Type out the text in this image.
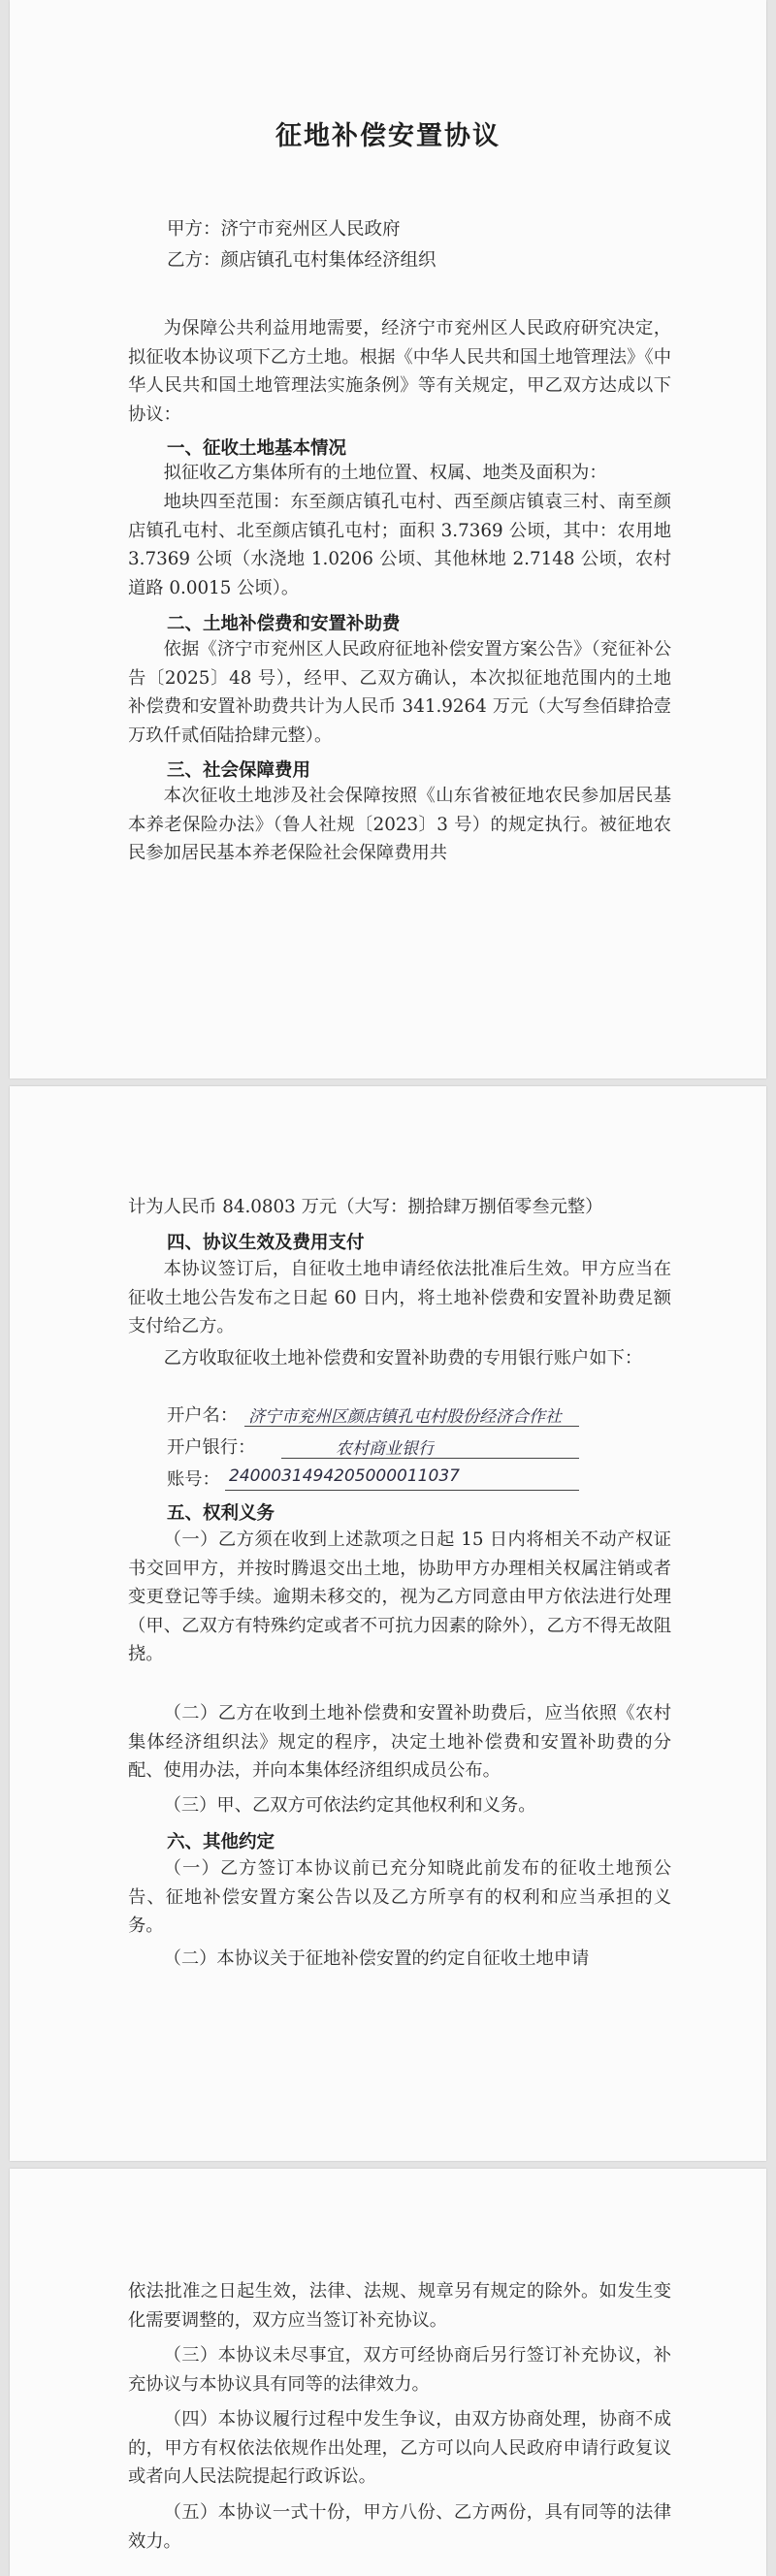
征地补偿安置协议
甲方：济宁市兖州区人民政府
乙方：颜店镇孔屯村集体经济组织

为保障公共利益用地需要，经济宁市兖州区人民政府研究决定，拟征收本协议项下乙方土地。根据《中华人民共和国土地管理法》《中华人民共和国土地管理法实施条例》等有关规定，甲乙双方达成以下协议：

一、征收土地基本情况

拟征收乙方集体所有的土地位置、权属、地类及面积为：

地块四至范围：东至颜店镇孔屯村、西至颜店镇袁三村、南至颜店镇孔屯村、北至颜店镇孔屯村；面积 3.7369 公顷，其中：农用地 3.7369 公顷（水浇地 1.0206 公顷、其他林地 2.7148 公顷，农村道路 0.0015 公顷）。

二、土地补偿费和安置补助费

依据《济宁市兖州区人民政府征地补偿安置方案公告》（兖征补公告〔2025〕48 号），经甲、乙双方确认，本次拟征地范围内的土地补偿费和安置补助费共计为人民币 341.9264 万元（大写叁佰肆拾壹万玖仟贰佰陆拾肆元整）。

三、社会保障费用

本次征收土地涉及社会保障按照《山东省被征地农民参加居民基本养老保险办法》（鲁人社规〔2023〕3 号）的规定执行。被征地农民参加居民基本养老保险社会保障费用共

计为人民币 84.0803 万元（大写：捌拾肆万捌佰零叁元整）

四、协议生效及费用支付

本协议签订后，自征收土地申请经依法批准后生效。甲方应当在征收土地公告发布之日起 60 日内，将土地补偿费和安置补助费足额支付给乙方。

乙方收取征收土地补偿费和安置补助费的专用银行账户如下：

开户名： 济宁市兖州区颜店镇孔屯村股份经济合作社
开户银行：	农村商业银行
账号： 2400031494205000011037
五、权利义务

（一）乙方须在收到上述款项之日起 15 日内将相关不动产权证书交回甲方，并按时腾退交出土地，协助甲方办理相关权属注销或者变更登记等手续。逾期未移交的，视为乙方同意由甲方依法进行处理（甲、乙双方有特殊约定或者不可抗力因素的除外），乙方不得无故阻挠。

（二）乙方在收到土地补偿费和安置补助费后，应当依照《农村集体经济组织法》规定的程序，决定土地补偿费和安置补助费的分配、使用办法，并向本集体经济组织成员公布。

（三）甲、乙双方可依法约定其他权利和义务。

六、其他约定

（一）乙方签订本协议前已充分知晓此前发布的征收土地预公告、征地补偿安置方案公告以及乙方所享有的权利和应当承担的义务。

（二）本协议关于征地补偿安置的约定自征收土地申请

依法批准之日起生效，法律、法规、规章另有规定的除外。如发生变化需要调整的，双方应当签订补充协议。

（三）本协议未尽事宜，双方可经协商后另行签订补充协议，补充协议与本协议具有同等的法律效力。

（四）本协议履行过程中发生争议，由双方协商处理，协商不成的，甲方有权依法依规作出处理，乙方可以向人民政府申请行政复议或者向人民法院提起行政诉讼。

（五）本协议一式十份，甲方八份、乙方两份，具有同等的法律效力。
